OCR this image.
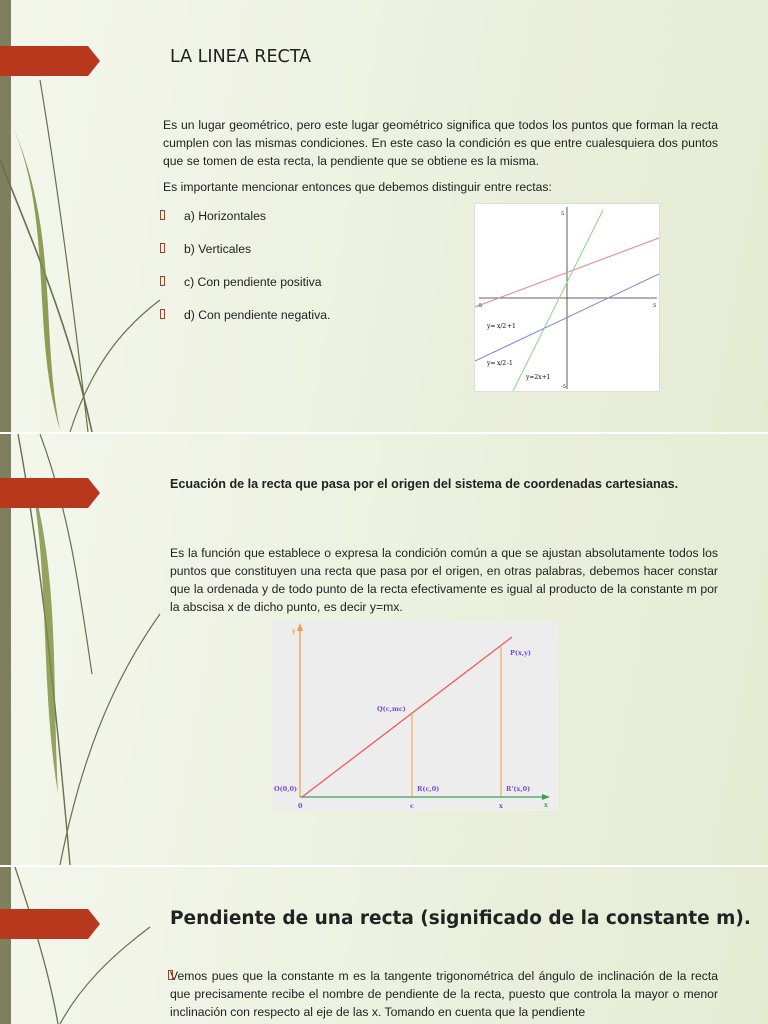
LA LINEA RECTA

Es un lugar geométrico, pero este lugar geométrico significa que todos los puntos que forman la recta cumplen con las mismas condiciones. En este caso la condición es que entre cualesquiera dos puntos que se tomen de esta recta, la pendiente que se obtiene es la misma.

Es importante mencionar entonces que debemos distinguir entre rectas:

a) Horizontales
b) Verticales
c) Con pendiente positiva
d) Con pendiente negativa.
5
-5
-5	5
y= x/2 +1
y= x/2 -1
y=2x+1
Ecuación de la recta que pasa por el origen del sistema de coordenadas cartesianas.

Es la función que establece o expresa la condición común a que se ajustan absolutamente todos los puntos que constituyen una recta que pasa por el origen, en otras palabras, debemos hacer constar que la ordenada y de todo punto de la recta efectivamente es igual al producto de la constante m por la abscisa x de dicho punto, es decir y=mx.

y
x
O(0,0)
Q(c,mc)
P(x,y)
R(c,0)	R'(x,0)
0	c	x
Pendiente de una recta (significado de la constante m).
Vemos pues que la constante m es la tangente trigonométrica del ángulo de inclinación de la recta que precisamente recibe el nombre de pendiente de la recta, puesto que controla la mayor o menor inclinación con respecto al eje de las x. Tomando en cuenta que la pendiente
